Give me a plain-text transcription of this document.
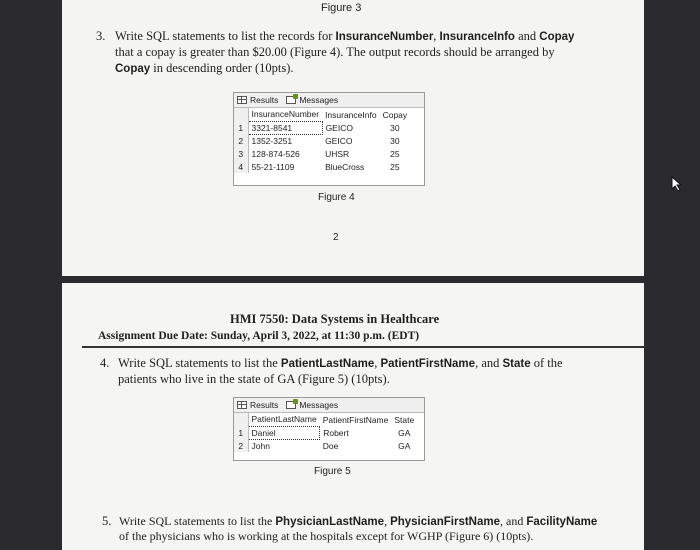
Figure 3
3. Write SQL statements to list the records for InsuranceNumber, InsuranceInfo and Copay
that a copay is greater than $20.00 (Figure 4). The output records should be arranged by
Copay in descending order (10pts).
Results Messages
	InsuranceNumber	InsuranceInfo	Copay
1	3321-8541	GEICO	30
2	1352-3251	GEICO	30
3	128-874-526	UHSR	25
4	55-21-1109	BlueCross	25
Figure 4
2
HMI 7550: Data Systems in Healthcare
Assignment Due Date: Sunday, April 3, 2022, at 11:30 p.m. (EDT)
4. Write SQL statements to list the PatientLastName, PatientFirstName, and State of the
patients who live in the state of GA (Figure 5) (10pts).
Results Messages
	PatientLastName	PatientFirstName	State
1	Daniel	Robert	GA
2	John	Doe	GA
Figure 5
5. Write SQL statements to list the PhysicianLastName, PhysicianFirstName, and FacilityName
of the physicians who is working at the hospitals except for WGHP (Figure 6) (10pts).
